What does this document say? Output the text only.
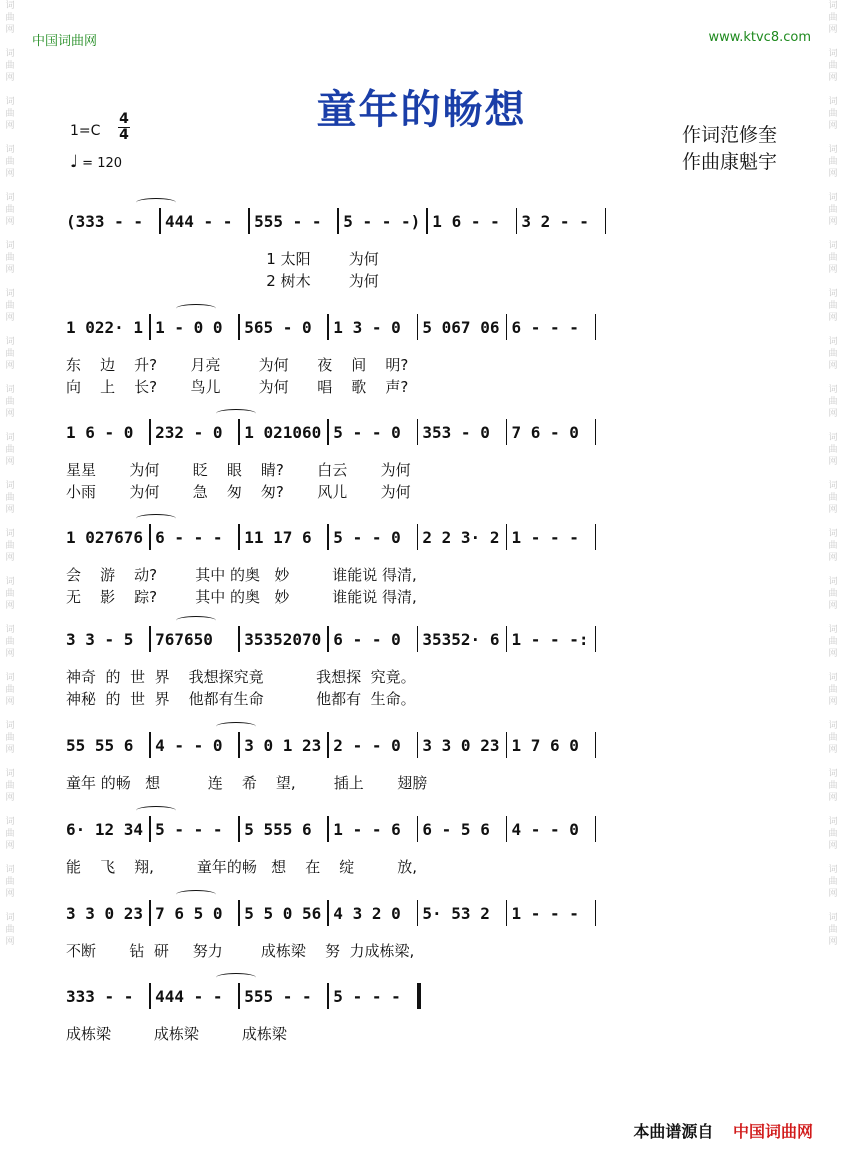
词
曲
网

词
曲
网

词
曲
网

词
曲
网

词
曲
网

词
曲
网

词
曲
网

词
曲
网

词
曲
网

词
曲
网

词
曲
网

词
曲
网

词
曲
网

词
曲
网

词
曲
网

词
曲
网

词
曲
网

词
曲
网

词
曲
网

词
曲
网
词
曲
网

词
曲
网

词
曲
网

词
曲
网

词
曲
网

词
曲
网

词
曲
网

词
曲
网

词
曲
网

词
曲
网

词
曲
网

词
曲
网

词
曲
网

词
曲
网

词
曲
网

词
曲
网

词
曲
网

词
曲
网

词
曲
网

词
曲
网
中国词曲网	www.ktvc8.com
童年的畅想
1=C
4
4
♩ = 120
作词范修奎
作曲康魁宇
(333 - - 444 - - 555 - - 5 - - -) 1 6 - - 3 2 - -
1 太阳        为何
2 树木        为何
1 022· 1 1 - 0 0 565 - 0 1 3 - 0 5 067 06 6 - - -
东    边    升?       月亮        为何      夜    间    明?
向    上    长?       鸟儿        为何      唱    歌    声?
1 6 - 0 232 - 0 1 021060 5 - - 0 353 - 0 7 6 - 0
星星       为何       眨    眼    睛?       白云       为何
小雨       为何       急    匆    匆?       风儿       为何
1 027676 6 - - - 11 17 6 5 - - 0 2 2 3· 2 1 - - -
会    游    动?        其中 的奥   妙         谁能说 得清,
无    影    踪?        其中 的奥   妙         谁能说 得清,
3 3 - 5 767650 35352070 6 - - 0 35352· 6 1 - - -:
神奇  的  世  界    我想探究竟           我想探  究竟。
神秘  的  世  界    他都有生命           他都有  生命。
55 55 6 4 - - 0 3 0 1 23 2 - - 0 3 3 0 23 1 7 6 0
童年 的畅   想          连    希    望,        插上       翅膀
6· 12 34 5 - - - 5 555 6 1 - - 6 6 - 5 6 4 - - 0
能    飞    翔,         童年的畅   想    在    绽         放,
3 3 0 23 7 6 5 0 5 5 0 56 4 3 2 0 5· 53 2 1 - - -
不断       钻  研     努力        成栋梁    努  力成栋梁,
333 - - 444 - - 555 - - 5 - - -
成栋梁         成栋梁         成栋梁
本曲谱源自 中国词曲网
